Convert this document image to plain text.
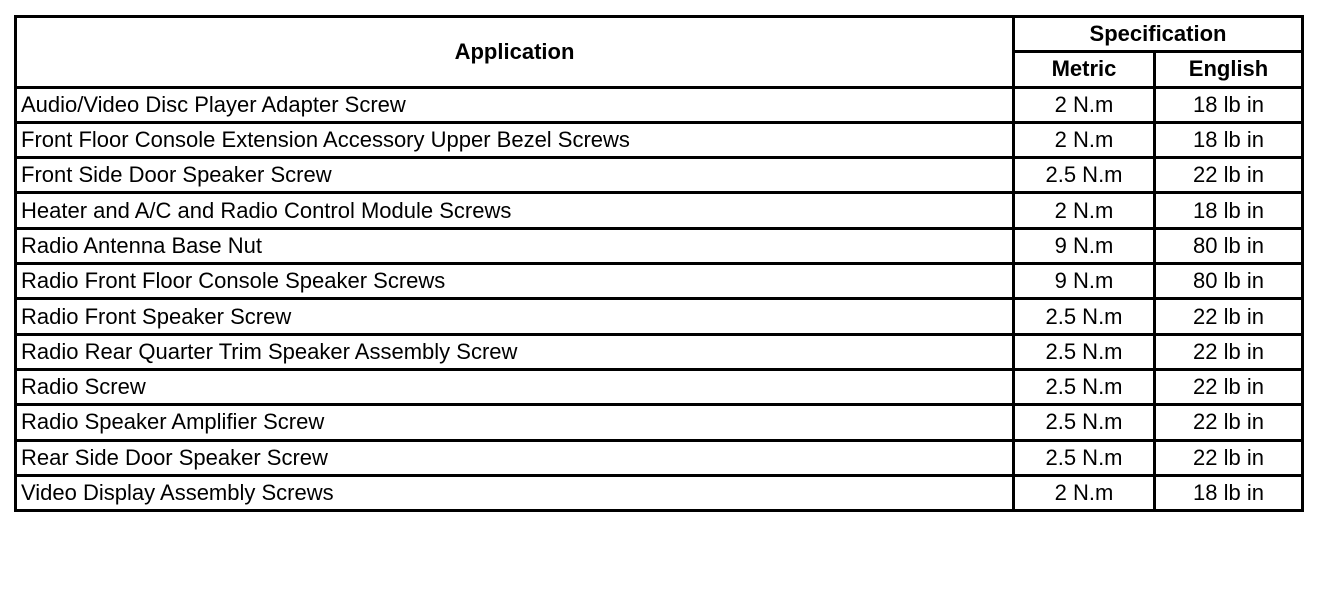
Application	Specification	
	Metric	English
Audio/Video Disc Player Adapter Screw	2 N.m	18 lb in
Front Floor Console Extension Accessory Upper Bezel Screws	2 N.m	18 lb in
Front Side Door Speaker Screw	2.5 N.m	22 lb in
Heater and A/C and Radio Control Module Screws	2 N.m	18 lb in
Radio Antenna Base Nut	9 N.m	80 lb in
Radio Front Floor Console Speaker Screws	9 N.m	80 lb in
Radio Front Speaker Screw	2.5 N.m	22 lb in
Radio Rear Quarter Trim Speaker Assembly Screw	2.5 N.m	22 lb in
Radio Screw	2.5 N.m	22 lb in
Radio Speaker Amplifier Screw	2.5 N.m	22 lb in
Rear Side Door Speaker Screw	2.5 N.m	22 lb in
Video Display Assembly Screws	2 N.m	18 lb in
